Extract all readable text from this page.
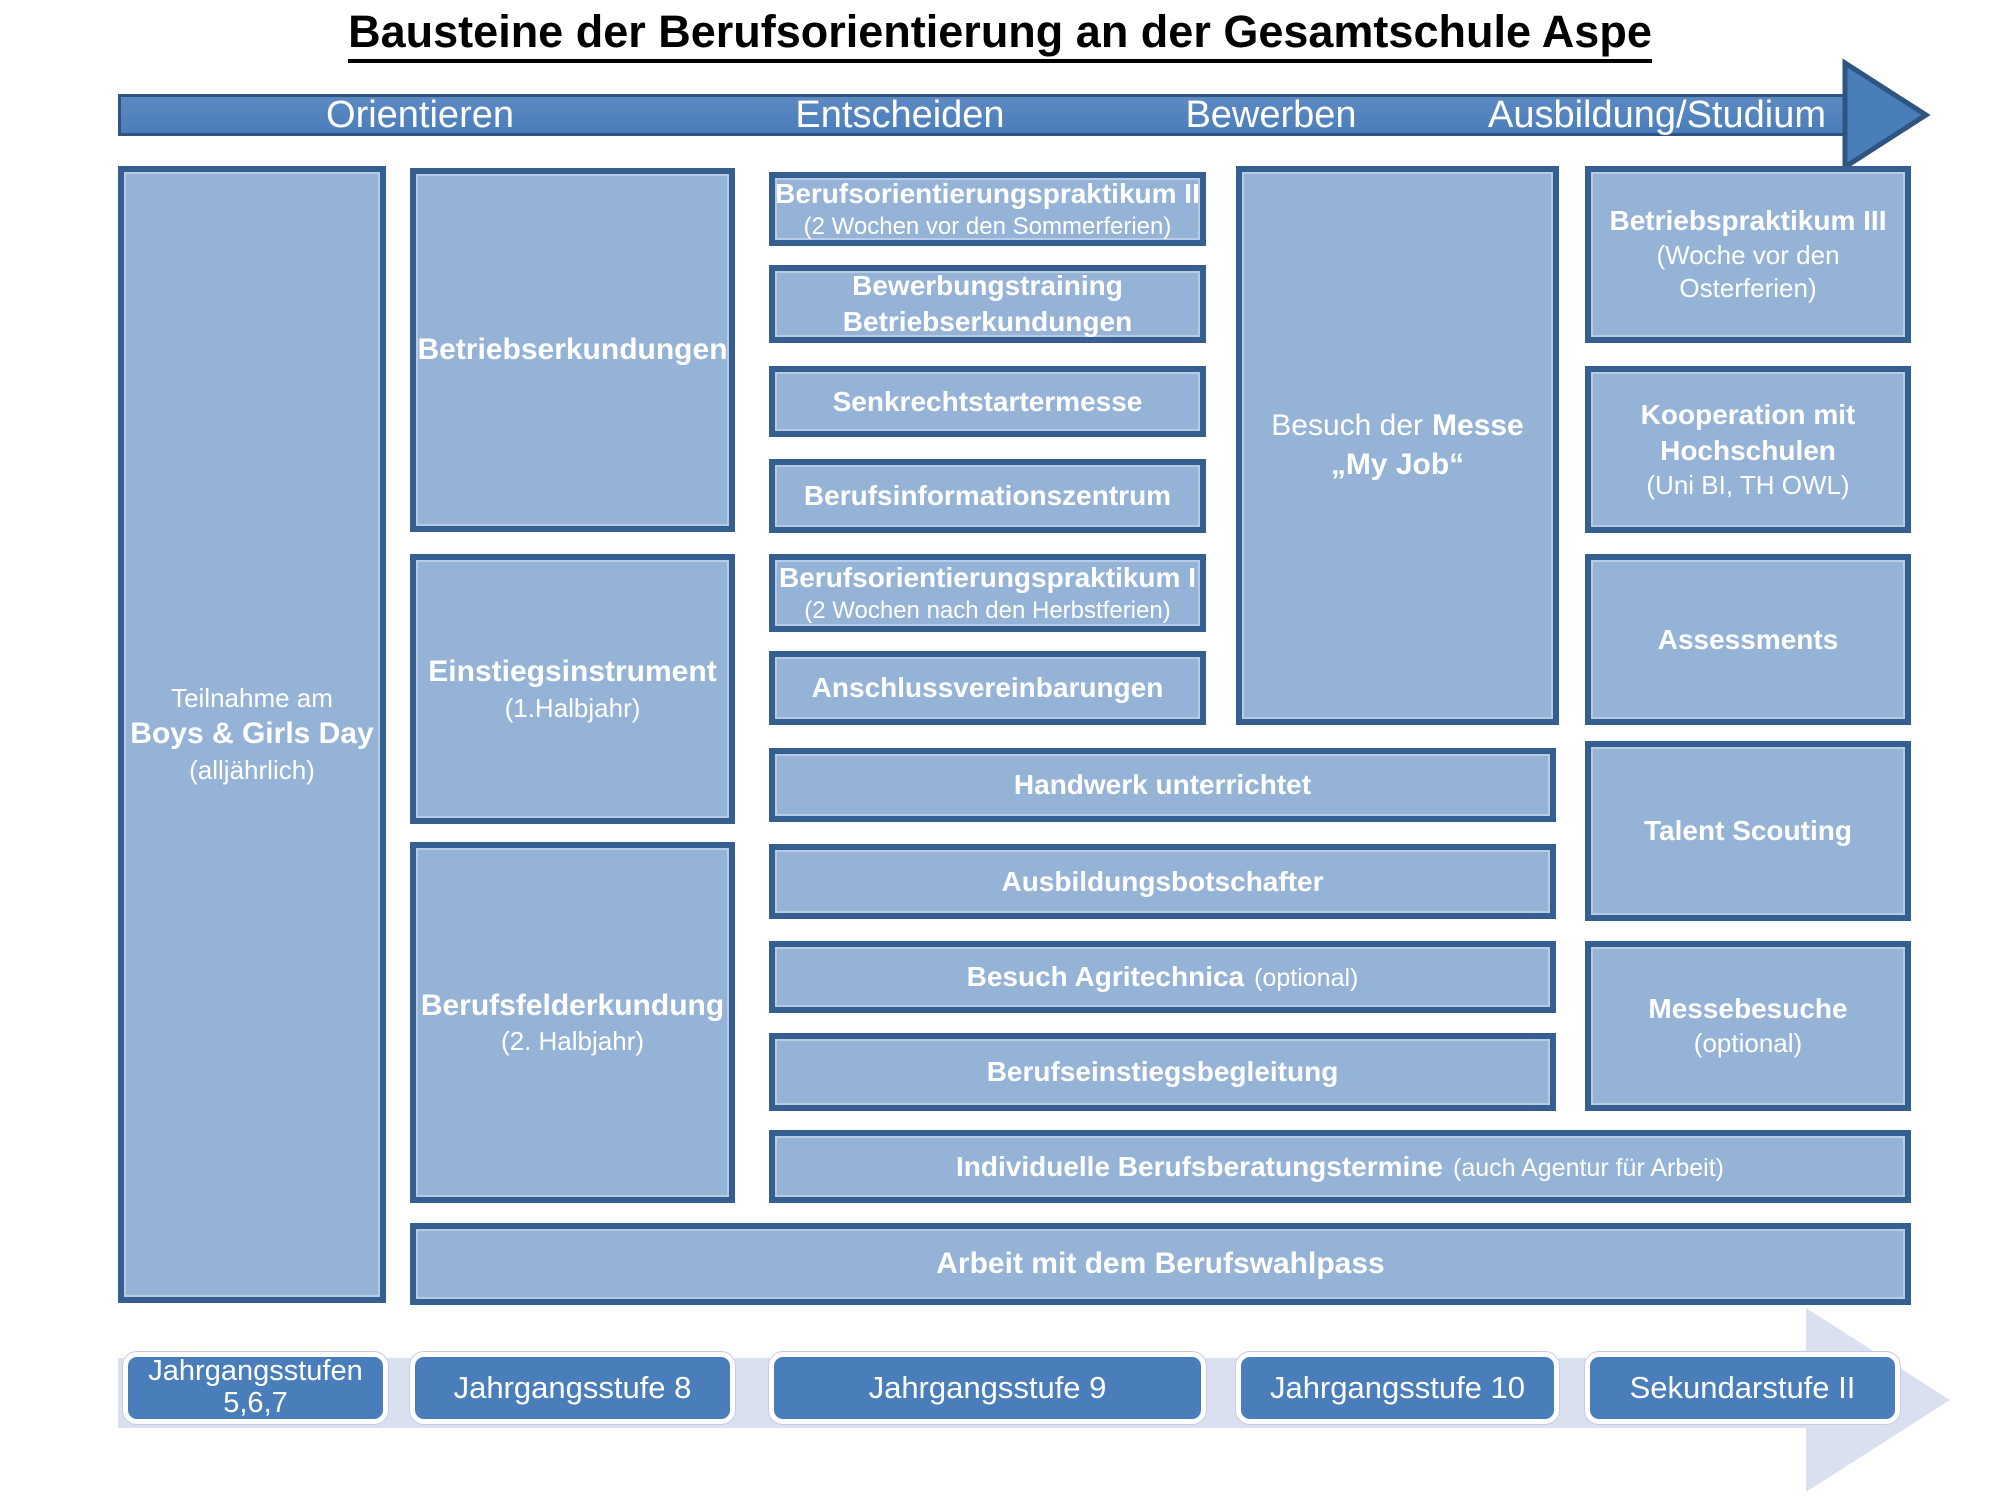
Bausteine der Berufsorientierung an der Gesamtschule Aspe
Orientieren	Entscheiden	Bewerben	Ausbildung/Studium
Teilnahme am
Boys & Girls Day
(alljährlich)
Betriebserkundungen
Einstiegsinstrument
(1.Halbjahr)
Berufsfelderkundung
(2. Halbjahr)
Berufsorientierungspraktikum II
(2 Wochen vor den Sommerferien)
Bewerbungstraining
Betriebserkundungen
Senkrechtstartermesse
Berufsinformationszentrum
Berufsorientierungspraktikum I
(2 Wochen nach den Herbstferien)
Anschlussvereinbarungen
Besuch der Messe
„My Job“
Betriebspraktikum III
(Woche vor den
Osterferien)
Kooperation mit
Hochschulen
(Uni BI, TH OWL)
Assessments
Talent Scouting
Messebesuche
(optional)
Handwerk unterrichtet
Ausbildungsbotschafter
Besuch Agritechnica (optional)
Berufseinstiegsbegleitung
Individuelle Berufsberatungstermine (auch Agentur für Arbeit)
Arbeit mit dem Berufswahlpass
Jahrgangsstufen
5,6,7	Jahrgangsstufe 8	Jahrgangsstufe 9	Jahrgangsstufe 10	Sekundarstufe II
